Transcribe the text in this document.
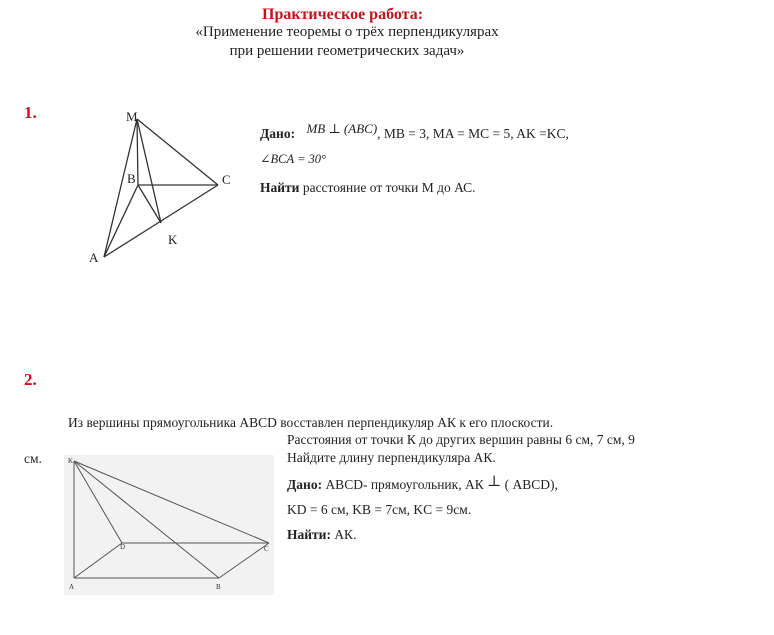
Практическое работа:
«Применение теоремы о трёх перпендикулярах
при решении геометрических задач»
1.	M
B	C
A
K
Дано: MB ⊥ (ABC), MB = 3, MA = MC = 5, AK =KC,
∠BCA = 30°
Найти расстояние от точки М до АС.
2.
Из вершины прямоугольника ABCD восставлен перпендикуляр АК к его плоскости.
Расстояния от точки К до других вершин равны 6 см, 7 см, 9
см.	Найдите длину перпендикуляра АК.
Дано: ABCD- прямоугольник, АК ⊥ ( ABCD),
KD = 6 см, KB = 7см, KC = 9см.
Найти: АК.
K
D	C
A	B
